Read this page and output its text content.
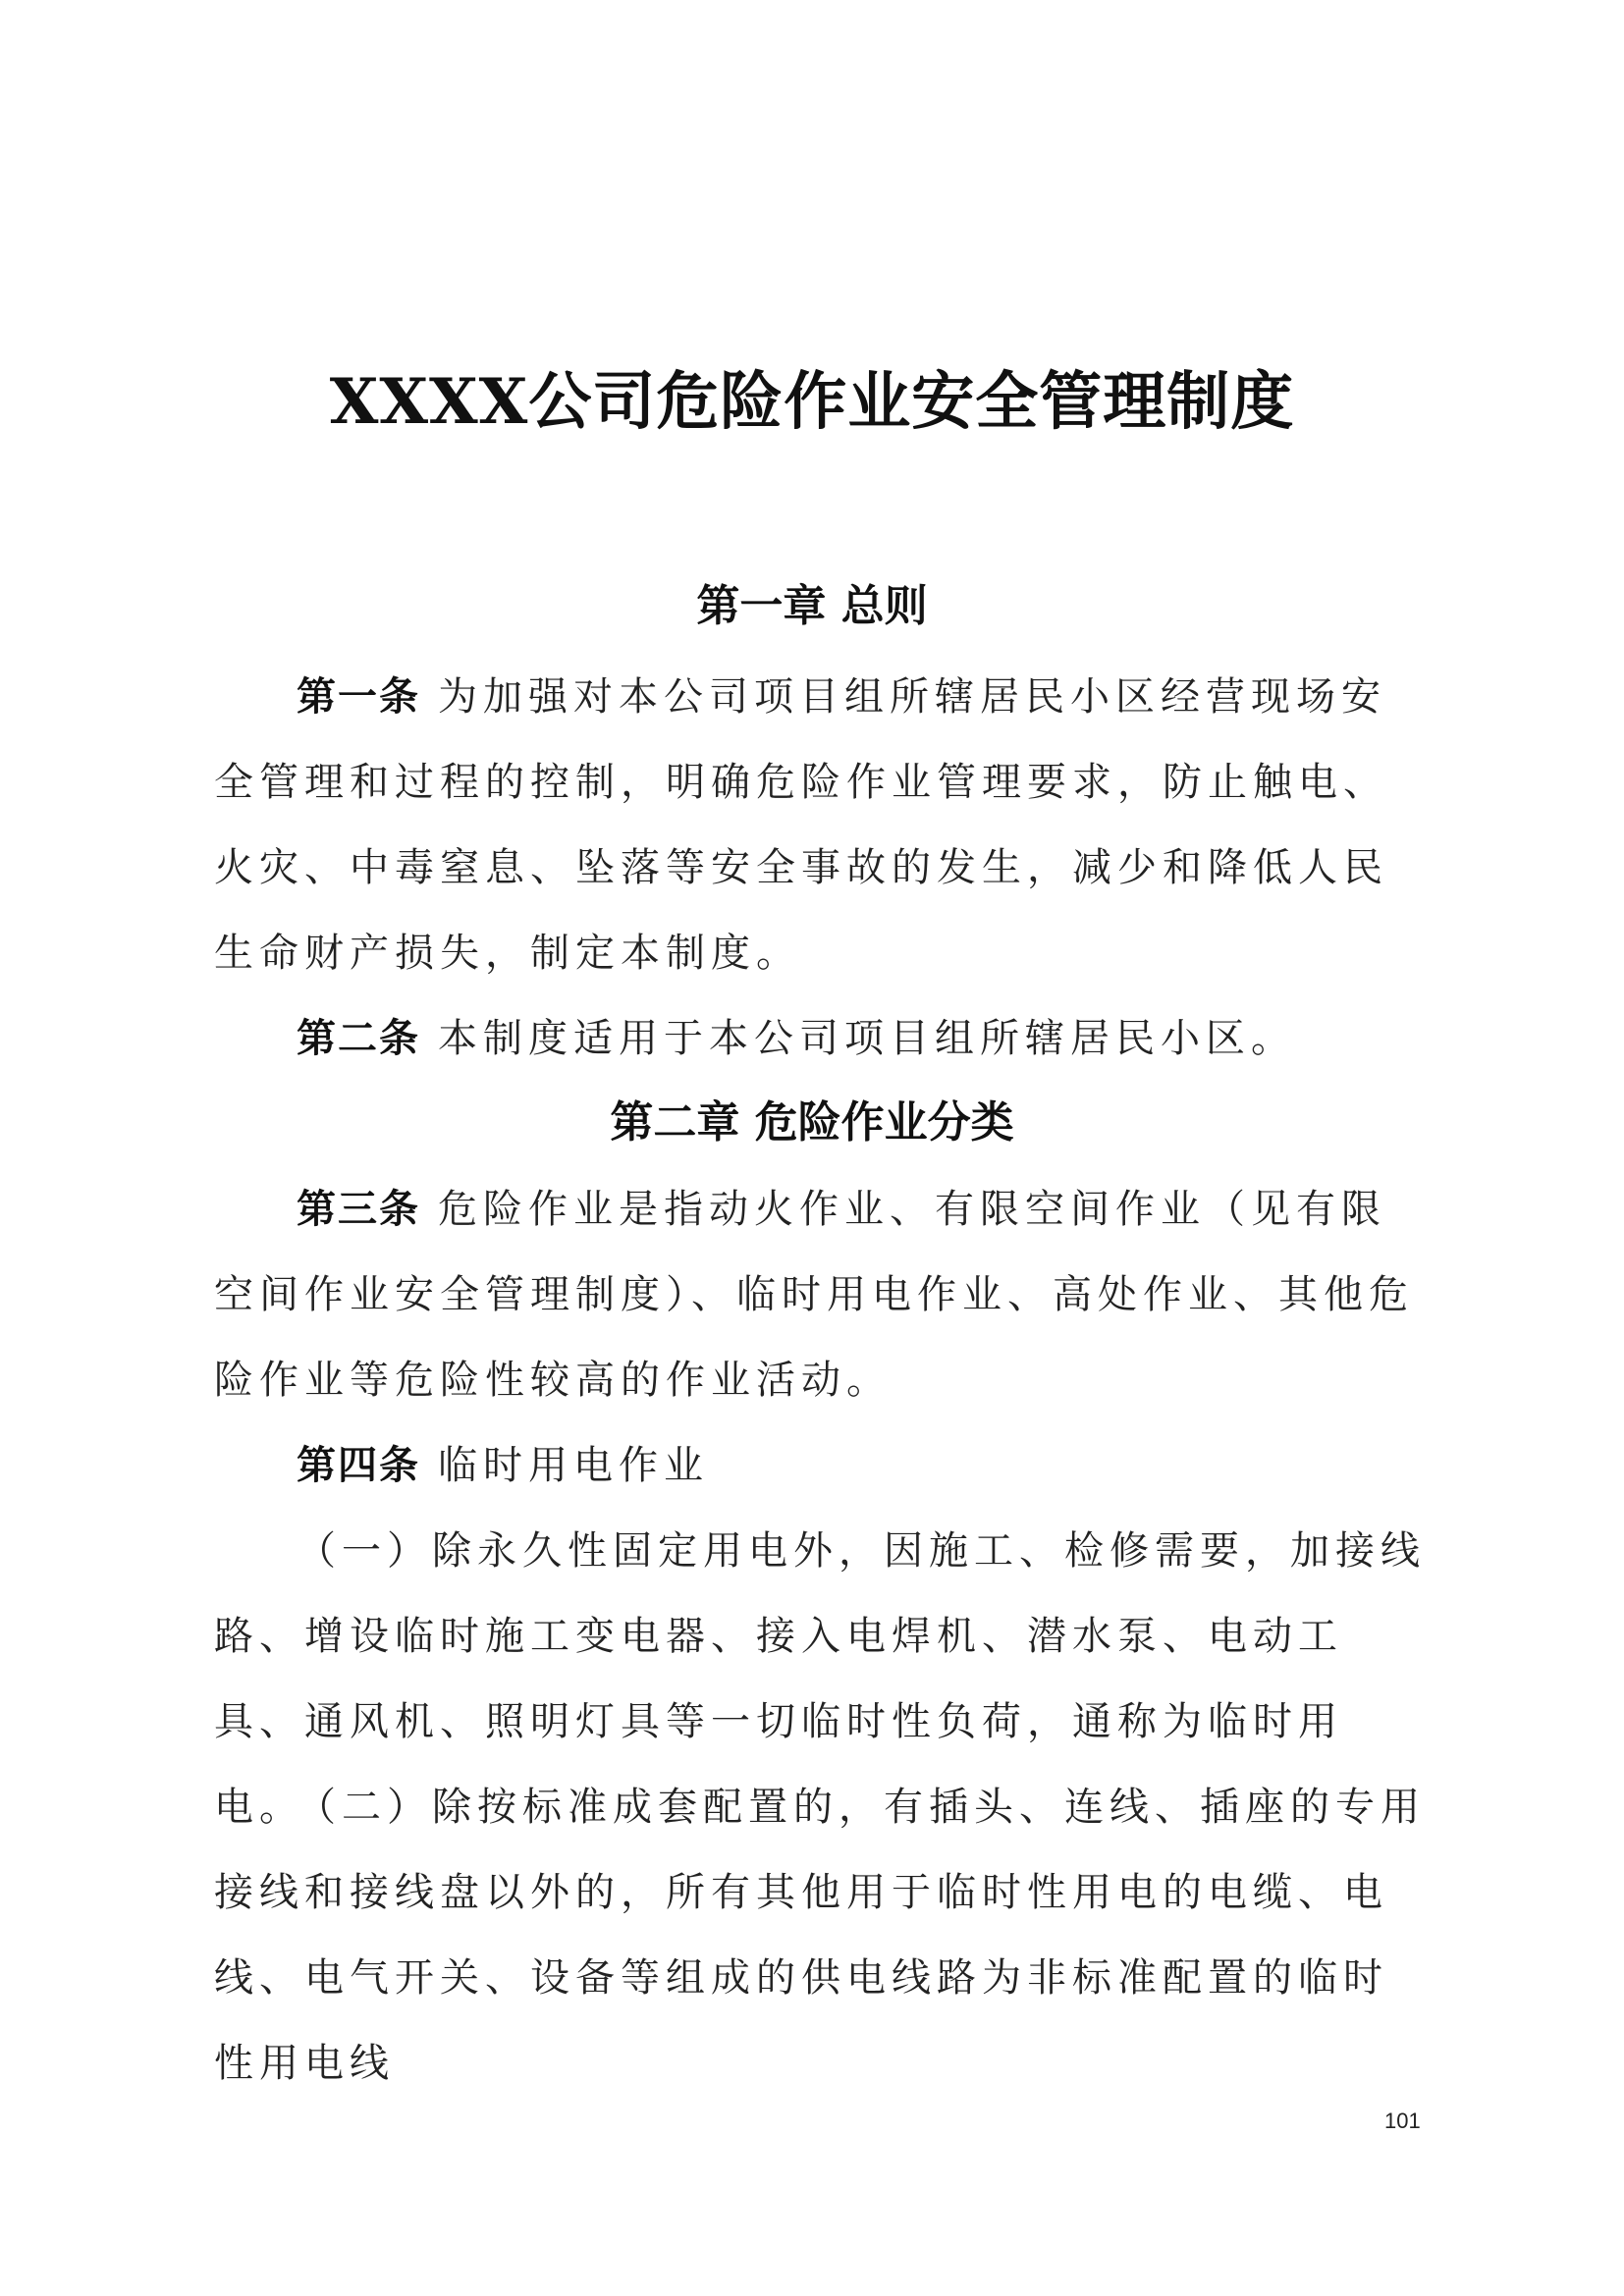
XXXX公司危险作业安全管理制度
第一章 总则

第一条 为加强对本公司项目组所辖居民小区经营现场安全管理和过程的控制，明确危险作业管理要求，防止触电、火灾、中毒窒息、坠落等安全事故的发生，减少和降低人民生命财产损失，制定本制度。

第二条 本制度适用于本公司项目组所辖居民小区。

第二章 危险作业分类

第三条 危险作业是指动火作业、有限空间作业（见有限空间作业安全管理制度）、临时用电作业、高处作业、其他危险作业等危险性较高的作业活动。

第四条 临时用电作业

（一）除永久性固定用电外，因施工、检修需要，加接线路、增设临时施工变电器、接入电焊机、潜水泵、电动工具、通风机、照明灯具等一切临时性负荷，通称为临时用电。

（二）除按标准成套配置的，有插头、连线、插座的专用接线和接线盘以外的，所有其他用于临时性用电的电缆、电线、电气开关、设备等组成的供电线路为非标准配置的临时性用电线

101
